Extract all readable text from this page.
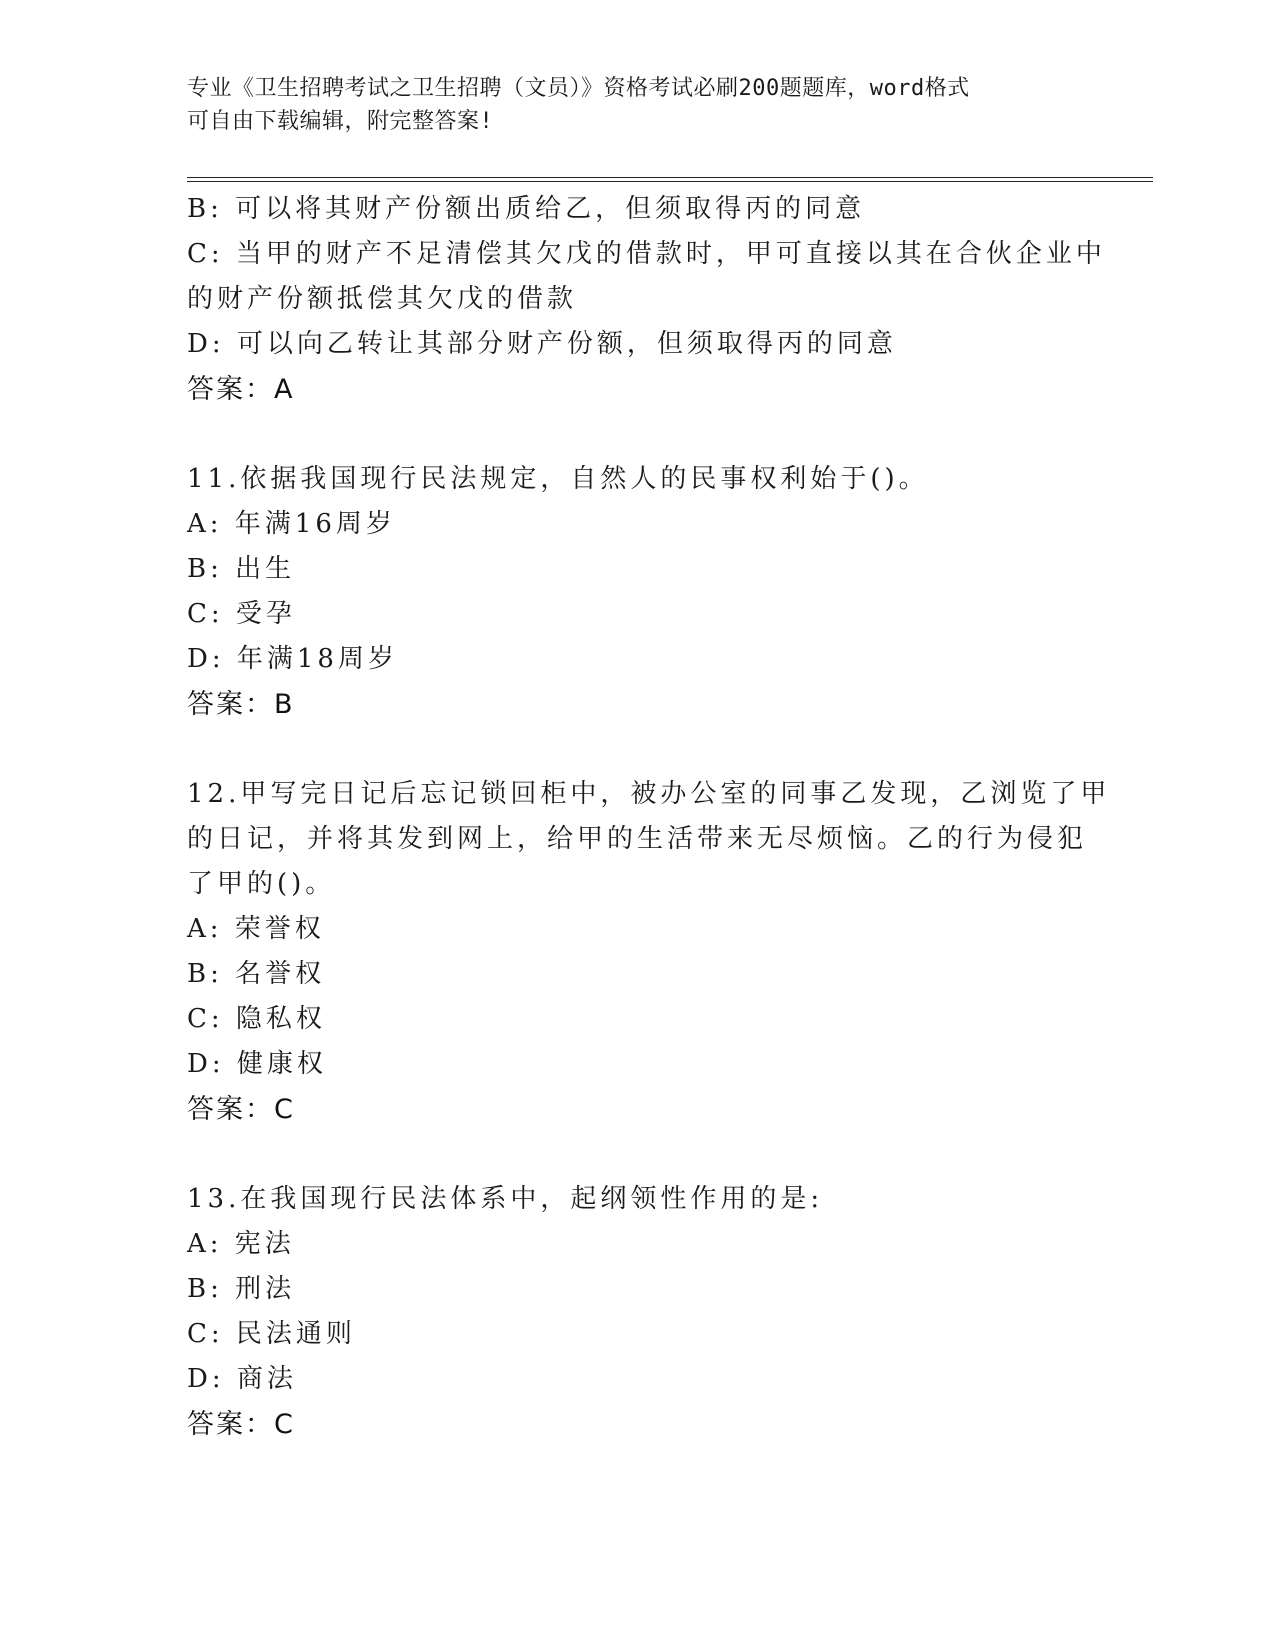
专业《卫生招聘考试之卫生招聘（文员）》资格考试必刷200题题库，word格式
可自由下载编辑，附完整答案!
B: 可以将其财产份额出质给乙，但须取得丙的同意
C: 当甲的财产不足清偿其欠戊的借款时，甲可直接以其在合伙企业中
的财产份额抵偿其欠戊的借款
D: 可以向乙转让其部分财产份额，但须取得丙的同意
答案：A
11.依据我国现行民法规定，自然人的民事权利始于()。
A: 年满16周岁
B: 出生
C: 受孕
D: 年满18周岁
答案：B
12.甲写完日记后忘记锁回柜中，被办公室的同事乙发现，乙浏览了甲
的日记，并将其发到网上，给甲的生活带来无尽烦恼。乙的行为侵犯
了甲的()。
A: 荣誉权
B: 名誉权
C: 隐私权
D: 健康权
答案：C
13.在我国现行民法体系中，起纲领性作用的是:
A: 宪法
B: 刑法
C: 民法通则
D: 商法
答案：C
